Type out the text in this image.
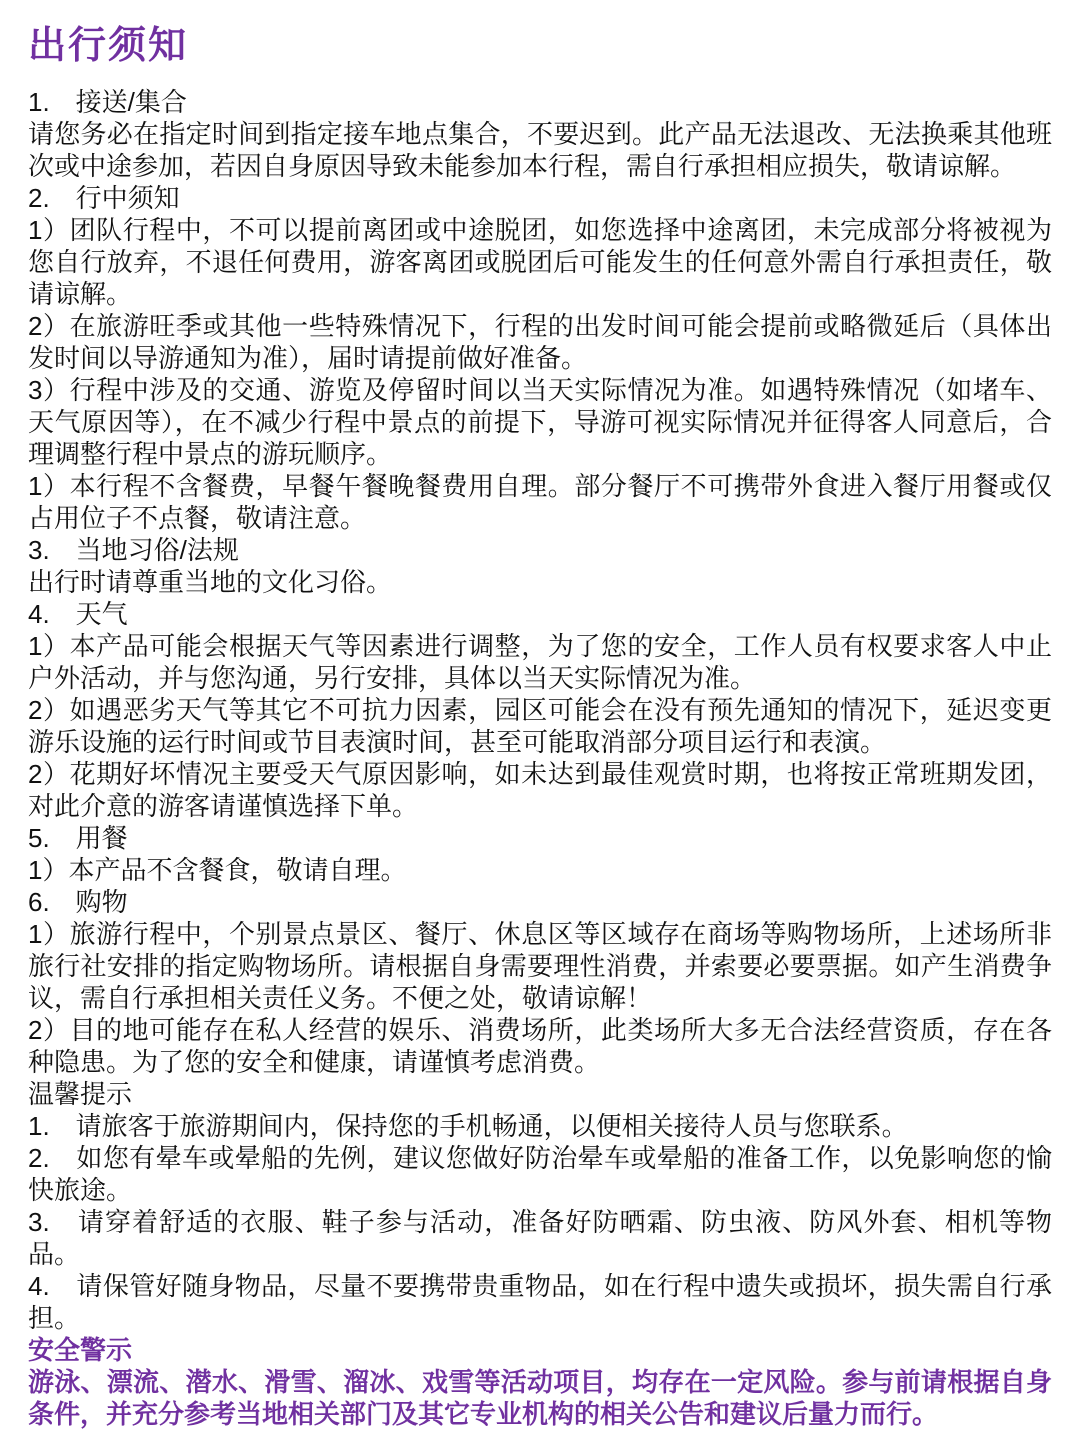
出行须知

1.　接送/集合

请您务必在指定时间到指定接车地点集合，不要迟到。此产品无法退改、无法换乘其他班次或中途参加，若因自身原因导致未能参加本行程，需自行承担相应损失，敬请谅解。

2.　行中须知

1）团队行程中，不可以提前离团或中途脱团，如您选择中途离团，未完成部分将被视为您自行放弃，不退任何费用，游客离团或脱团后可能发生的任何意外需自行承担责任，敬请谅解。

2）在旅游旺季或其他一些特殊情况下，行程的出发时间可能会提前或略微延后（具体出发时间以导游通知为准），届时请提前做好准备。

3）行程中涉及的交通、游览及停留时间以当天实际情况为准。如遇特殊情况（如堵车、天气原因等），在不减少行程中景点的前提下，导游可视实际情况并征得客人同意后，合理调整行程中景点的游玩顺序。

1）本行程不含餐费，早餐午餐晚餐费用自理。部分餐厅不可携带外食进入餐厅用餐或仅占用位子不点餐，敬请注意。

3.　当地习俗/法规

出行时请尊重当地的文化习俗。

4.　天气

1）本产品可能会根据天气等因素进行调整，为了您的安全，工作人员有权要求客人中止户外活动，并与您沟通，另行安排，具体以当天实际情况为准。

2）如遇恶劣天气等其它不可抗力因素，园区可能会在没有预先通知的情况下，延迟变更游乐设施的运行时间或节目表演时间，甚至可能取消部分项目运行和表演。

2）花期好坏情况主要受天气原因影响，如未达到最佳观赏时期，也将按正常班期发团，对此介意的游客请谨慎选择下单。

5.　用餐

1）本产品不含餐食，敬请自理。

6.　购物

1）旅游行程中，个别景点景区、餐厅、休息区等区域存在商场等购物场所，上述场所非旅行社安排的指定购物场所。请根据自身需要理性消费，并索要必要票据。如产生消费争议，需自行承担相关责任义务。不便之处，敬请谅解！

2）目的地可能存在私人经营的娱乐、消费场所，此类场所大多无合法经营资质，存在各种隐患。为了您的安全和健康，请谨慎考虑消费。

温馨提示

1.　请旅客于旅游期间内，保持您的手机畅通，以便相关接待人员与您联系。

2.　如您有晕车或晕船的先例，建议您做好防治晕车或晕船的准备工作，以免影响您的愉快旅途。

3.　请穿着舒适的衣服、鞋子参与活动，准备好防晒霜、防虫液、防风外套、相机等物品。

4.　请保管好随身物品，尽量不要携带贵重物品，如在行程中遗失或损坏，损失需自行承担。

安全警示

游泳、漂流、潜水、滑雪、溜冰、戏雪等活动项目，均存在一定风险。参与前请根据自身条件，并充分参考当地相关部门及其它专业机构的相关公告和建议后量力而行。
